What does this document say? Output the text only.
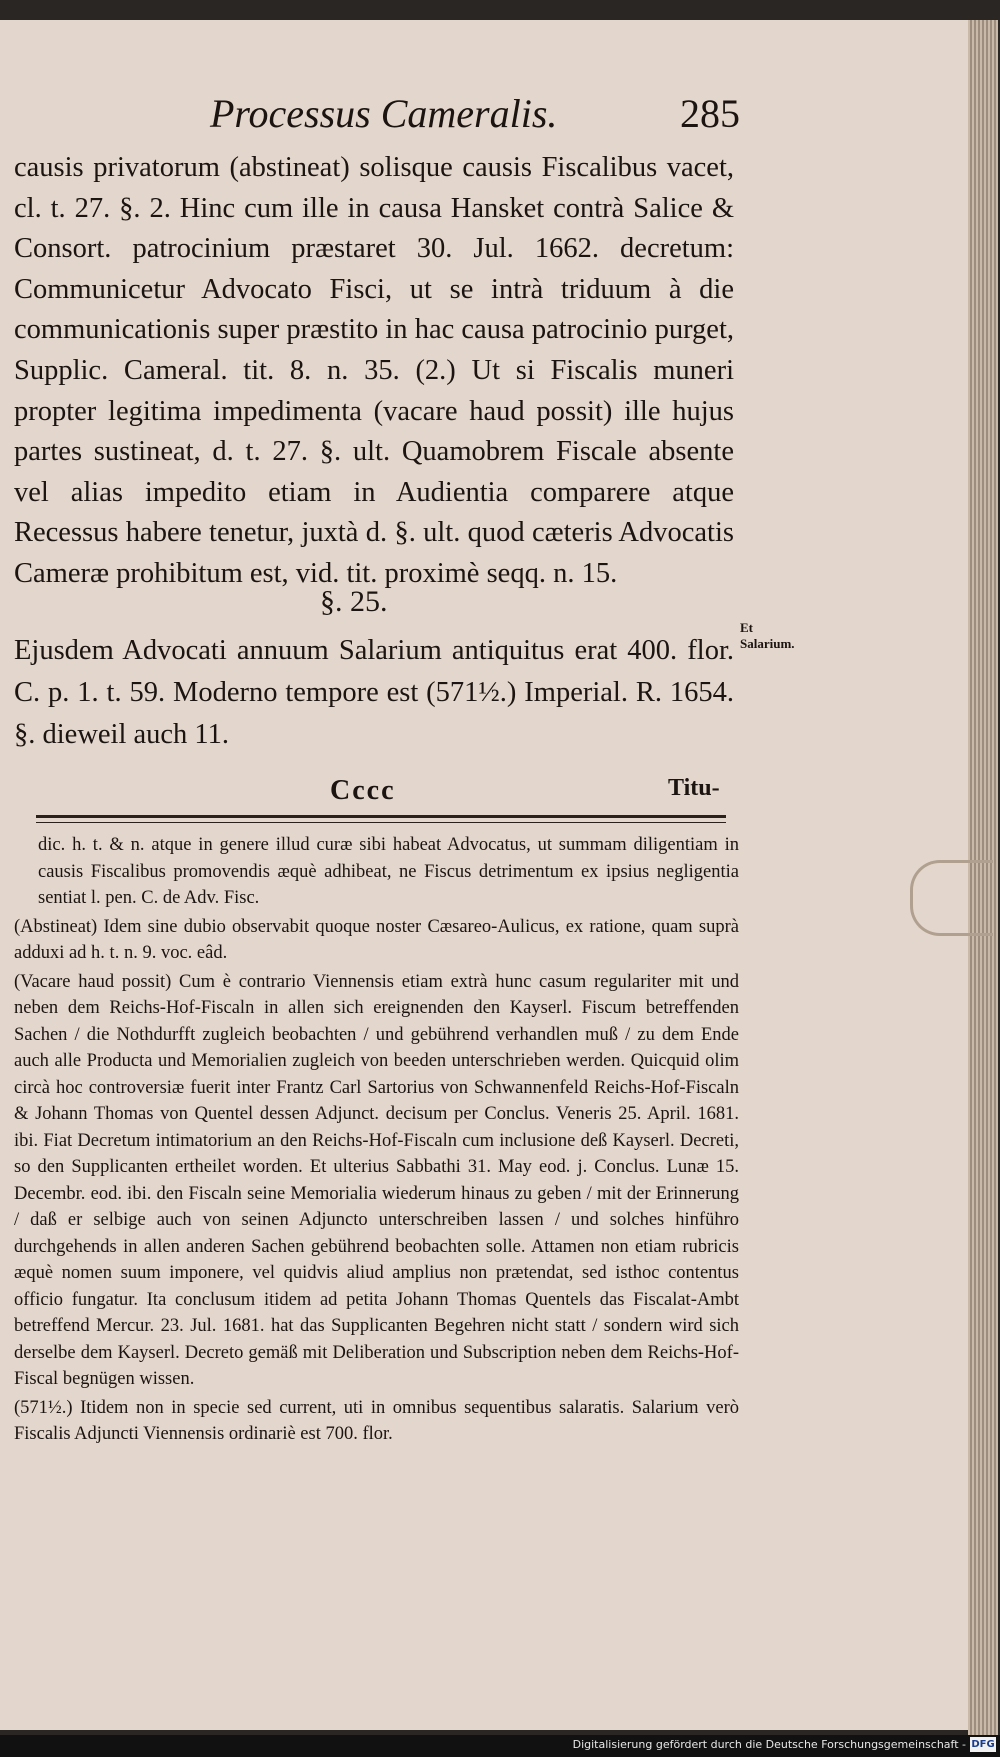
Processus Cameralis.	285

causis privatorum (abstineat) solisque causis Fiscalibus vacet, cl. t. 27. §. 2. Hinc cum ille in causa Hansket contrà Salice & Consort. patrocinium præstaret 30. Jul. 1662. decretum: Communicetur Advocato Fisci, ut se intrà triduum à die communicationis super præstito in hac causa patrocinio purget, Supplic. Cameral. tit. 8. n. 35. (2.) Ut si Fiscalis muneri propter legitima impedimenta (vacare haud possit) ille hujus partes sustineat, d. t. 27. §. ult. Quamobrem Fiscale absente vel alias impedito etiam in Audientia comparere atque Recessus habere tenetur, juxtà d. §. ult. quod cæteris Advocatis Cameræ prohibitum est, vid. tit. proximè seqq. n. 15.

§. 25.
Ejusdem Advocati annuum Salarium antiquitus erat 400. flor. C. p. 1. t. 59. Moderno tempore est (571½.) Imperial. R. 1654. §. dieweil auch 11.
Et Salarium.
Cccc	Titu-

dic. h. t. & n. atque in genere illud curæ sibi habeat Advocatus, ut summam diligentiam in causis Fiscalibus promovendis æquè adhibeat, ne Fiscus detrimentum ex ipsius negligentia sentiat l. pen. C. de Adv. Fisc.

(Abstineat) Idem sine dubio observabit quoque noster Cæsareo-Aulicus, ex ratione, quam suprà adduxi ad h. t. n. 9. voc. eâd.

(Vacare haud possit) Cum è contrario Viennensis etiam extrà hunc casum regulariter mit und neben dem Reichs-Hof-Fiscaln in allen sich ereignenden den Kayserl. Fiscum betreffenden Sachen / die Nothdurfft zugleich beobachten / und gebührend verhandlen muß / zu dem Ende auch alle Producta und Memorialien zugleich von beeden unterschrieben werden. Quicquid olim circà hoc controversiæ fuerit inter Frantz Carl Sartorius von Schwannenfeld Reichs-Hof-Fiscaln & Johann Thomas von Quentel dessen Adjunct. decisum per Conclus. Veneris 25. April. 1681. ibi. Fiat Decretum intimatorium an den Reichs-Hof-Fiscaln cum inclusione deß Kayserl. Decreti, so den Supplicanten ertheilet worden. Et ulterius Sabbathi 31. May eod. j. Conclus. Lunæ 15. Decembr. eod. ibi. den Fiscaln seine Memorialia wiederum hinaus zu geben / mit der Erinnerung / daß er selbige auch von seinen Adjuncto unterschreiben lassen / und solches hinführo durchgehends in allen anderen Sachen gebührend beobachten solle. Attamen non etiam rubricis æquè nomen suum imponere, vel quidvis aliud amplius non prætendat, sed isthoc contentus officio fungatur. Ita conclusum itidem ad petita Johann Thomas Quentels das Fiscalat-Ambt betreffend Mercur. 23. Jul. 1681. hat das Supplicanten Begehren nicht statt / sondern wird sich derselbe dem Kayserl. Decreto gemäß mit Deliberation und Subscription neben dem Reichs-Hof-Fiscal begnügen wissen.

(571½.) Itidem non in specie sed current, uti in omnibus sequentibus salaratis. Salarium verò Fiscalis Adjuncti Viennensis ordinariè est 700. flor.

Digitalisierung gefördert durch die Deutsche Forschungsgemeinschaft - DFG
